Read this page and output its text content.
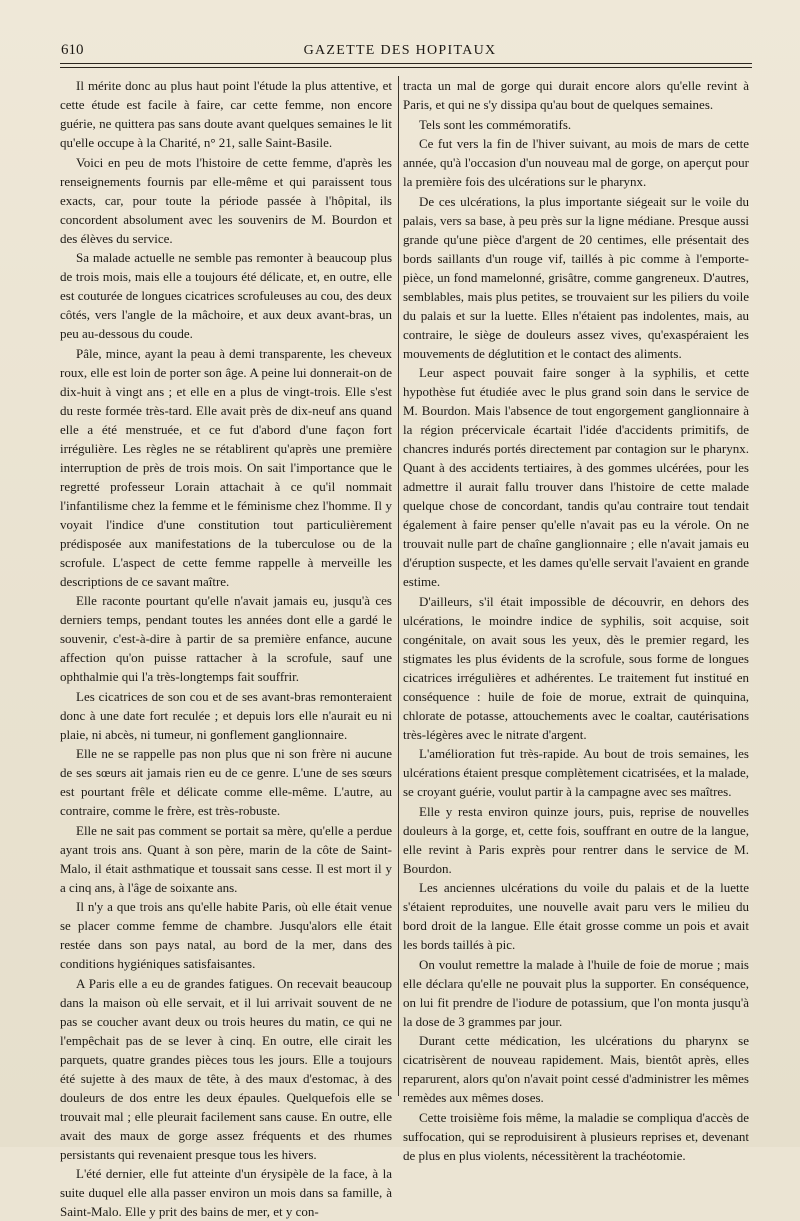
610	GAZETTE DES HOPITAUX

Il mérite donc au plus haut point l'étude la plus attentive, et cette étude est facile à faire, car cette femme, non encore guérie, ne quittera pas sans doute avant quelques semaines le lit qu'elle occupe à la Charité, n° 21, salle Saint-Basile.

Voici en peu de mots l'histoire de cette femme, d'après les renseignements fournis par elle-même et qui paraissent tous exacts, car, pour toute la période passée à l'hôpital, ils concordent absolument avec les souvenirs de M. Bourdon et des élèves du service.

Sa malade actuelle ne semble pas remonter à beaucoup plus de trois mois, mais elle a toujours été délicate, et, en outre, elle est couturée de longues cicatrices scrofuleuses au cou, des deux côtés, vers l'angle de la mâchoire, et aux deux avant-bras, un peu au-dessous du coude.

Pâle, mince, ayant la peau à demi transparente, les cheveux roux, elle est loin de porter son âge. A peine lui donnerait-on de dix-huit à vingt ans ; et elle en a plus de vingt-trois. Elle s'est du reste formée très-tard. Elle avait près de dix-neuf ans quand elle a été menstruée, et ce fut d'abord d'une façon fort irrégulière. Les règles ne se rétablirent qu'après une première interruption de près de trois mois. On sait l'importance que le regretté professeur Lorain attachait à ce qu'il nommait l'infantilisme chez la femme et le féminisme chez l'homme. Il y voyait l'indice d'une constitution tout particulièrement prédisposée aux manifestations de la tuberculose ou de la scrofule. L'aspect de cette femme rappelle à merveille les descriptions de ce savant maître.

Elle raconte pourtant qu'elle n'avait jamais eu, jusqu'à ces derniers temps, pendant toutes les années dont elle a gardé le souvenir, c'est-à-dire à partir de sa première enfance, aucune affection qu'on puisse rattacher à la scrofule, sauf une ophthalmie qui l'a très-longtemps fait souffrir.

Les cicatrices de son cou et de ses avant-bras remonteraient donc à une date fort reculée ; et depuis lors elle n'aurait eu ni plaie, ni abcès, ni tumeur, ni gonflement ganglionnaire.

Elle ne se rappelle pas non plus que ni son frère ni aucune de ses sœurs ait jamais rien eu de ce genre. L'une de ses sœurs est pourtant frêle et délicate comme elle-même. L'autre, au contraire, comme le frère, est très-robuste.

Elle ne sait pas comment se portait sa mère, qu'elle a perdue ayant trois ans. Quant à son père, marin de la côte de Saint-Malo, il était asthmatique et toussait sans cesse. Il est mort il y a cinq ans, à l'âge de soixante ans.

Il n'y a que trois ans qu'elle habite Paris, où elle était venue se placer comme femme de chambre. Jusqu'alors elle était restée dans son pays natal, au bord de la mer, dans des conditions hygiéniques satisfaisantes.

A Paris elle a eu de grandes fatigues. On recevait beaucoup dans la maison où elle servait, et il lui arrivait souvent de ne pas se coucher avant deux ou trois heures du matin, ce qui ne l'empêchait pas de se lever à cinq. En outre, elle cirait les parquets, quatre grandes pièces tous les jours. Elle a toujours été sujette à des maux de tête, à des maux d'estomac, à des douleurs de dos entre les deux épaules. Quelquefois elle se trouvait mal ; elle pleurait facilement sans cause. En outre, elle avait des maux de gorge assez fréquents et des rhumes persistants qui revenaient presque tous les hivers.

L'été dernier, elle fut atteinte d'un érysipèle de la face, à la suite duquel elle alla passer environ un mois dans sa famille, à Saint-Malo. Elle y prit des bains de mer, et y con-

tracta un mal de gorge qui durait encore alors qu'elle revint à Paris, et qui ne s'y dissipa qu'au bout de quelques semaines.

Tels sont les commémoratifs.

Ce fut vers la fin de l'hiver suivant, au mois de mars de cette année, qu'à l'occasion d'un nouveau mal de gorge, on aperçut pour la première fois des ulcérations sur le pharynx.

De ces ulcérations, la plus importante siégeait sur le voile du palais, vers sa base, à peu près sur la ligne médiane. Presque aussi grande qu'une pièce d'argent de 20 centimes, elle présentait des bords saillants d'un rouge vif, taillés à pic comme à l'emporte-pièce, un fond mamelonné, grisâtre, comme gangreneux. D'autres, semblables, mais plus petites, se trouvaient sur les piliers du voile du palais et sur la luette. Elles n'étaient pas indolentes, mais, au contraire, le siège de douleurs assez vives, qu'exaspéraient les mouvements de déglutition et le contact des aliments.

Leur aspect pouvait faire songer à la syphilis, et cette hypothèse fut étudiée avec le plus grand soin dans le service de M. Bourdon. Mais l'absence de tout engorgement ganglionnaire à la région précervicale écartait l'idée d'accidents primitifs, de chancres indurés portés directement par contagion sur le pharynx. Quant à des accidents tertiaires, à des gommes ulcérées, pour les admettre il aurait fallu trouver dans l'histoire de cette malade quelque chose de concordant, tandis qu'au contraire tout tendait également à faire penser qu'elle n'avait pas eu la vérole. On ne trouvait nulle part de chaîne ganglionnaire ; elle n'avait jamais eu d'éruption suspecte, et les dames qu'elle servait l'avaient en grande estime.

D'ailleurs, s'il était impossible de découvrir, en dehors des ulcérations, le moindre indice de syphilis, soit acquise, soit congénitale, on avait sous les yeux, dès le premier regard, les stigmates les plus évidents de la scrofule, sous forme de longues cicatrices irrégulières et adhérentes. Le traitement fut institué en conséquence : huile de foie de morue, extrait de quinquina, chlorate de potasse, attouchements avec le coaltar, cautérisations très-légères avec le nitrate d'argent.

L'amélioration fut très-rapide. Au bout de trois semaines, les ulcérations étaient presque complètement cicatrisées, et la malade, se croyant guérie, voulut partir à la campagne avec ses maîtres.

Elle y resta environ quinze jours, puis, reprise de nouvelles douleurs à la gorge, et, cette fois, souffrant en outre de la langue, elle revint à Paris exprès pour rentrer dans le service de M. Bourdon.

Les anciennes ulcérations du voile du palais et de la luette s'étaient reproduites, une nouvelle avait paru vers le milieu du bord droit de la langue. Elle était grosse comme un pois et avait les bords taillés à pic.

On voulut remettre la malade à l'huile de foie de morue ; mais elle déclara qu'elle ne pouvait plus la supporter. En conséquence, on lui fit prendre de l'iodure de potassium, que l'on monta jusqu'à la dose de 3 grammes par jour.

Durant cette médication, les ulcérations du pharynx se cicatrisèrent de nouveau rapidement. Mais, bientôt après, elles reparurent, alors qu'on n'avait point cessé d'administrer les mêmes remèdes aux mêmes doses.

Cette troisième fois même, la maladie se compliqua d'accès de suffocation, qui se reproduisirent à plusieurs reprises et, devenant de plus en plus violents, nécessitèrent la trachéotomie.
